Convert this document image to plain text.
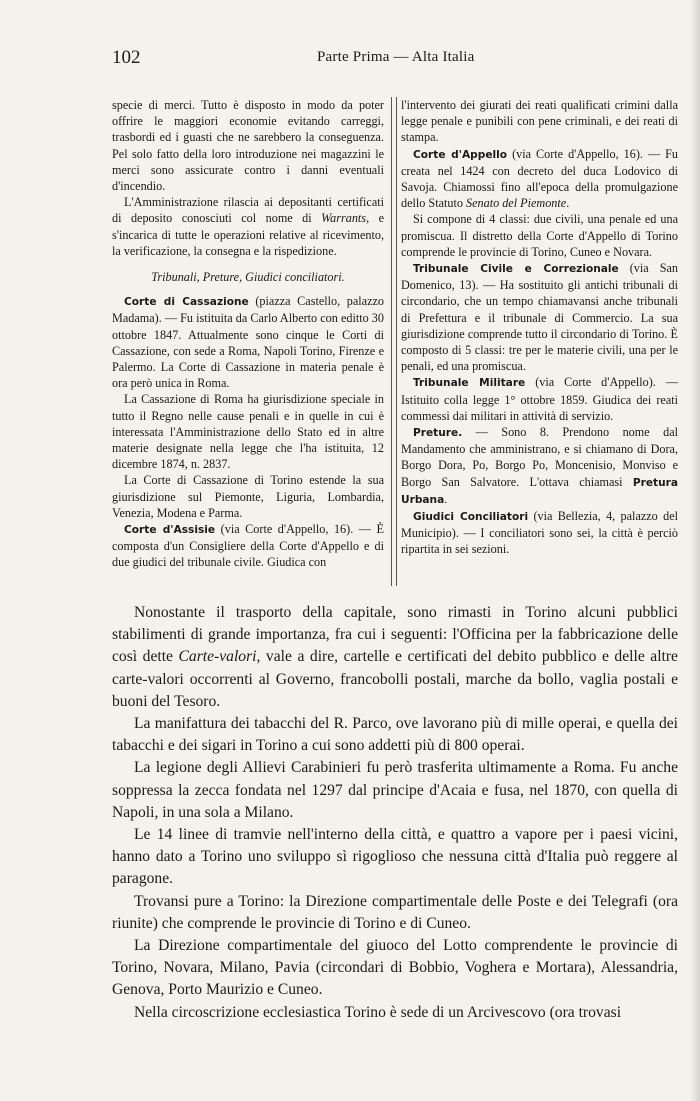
102	Parte Prima — Alta Italia

specie di merci. Tutto è disposto in modo da poter offrire le maggiori economie evitando carreggi, trasbordi ed i guasti che ne sarebbero la conseguenza. Pel solo fatto della loro introduzione nei magazzini le merci sono assicurate contro i danni eventuali d'incendio.

L'Amministrazione rilascia ai depositanti certificati di deposito conosciuti col nome di Warrants, e s'incarica di tutte le operazioni relative al ricevimento, la verificazione, la consegna e la rispedizione.

Tribunali, Preture, Giudici conciliatori.

Corte di Cassazione (piazza Castello, palazzo Madama). — Fu istituita da Carlo Alberto con editto 30 ottobre 1847. Attualmente sono cinque le Corti di Cassazione, con sede a Roma, Napoli Torino, Firenze e Palermo. La Corte di Cassazione in materia penale è ora però unica in Roma.

La Cassazione di Roma ha giurisdizione speciale in tutto il Regno nelle cause penali e in quelle in cui è interessata l'Amministrazione dello Stato ed in altre materie designate nella legge che l'ha istituita, 12 dicembre 1874, n. 2837.

La Corte di Cassazione di Torino estende la sua giurisdizione sul Piemonte, Liguria, Lombardia, Venezia, Modena e Parma.

Corte d'Assisie (via Corte d'Appello, 16). — È composta d'un Consigliere della Corte d'Appello e di due giudici del tribunale civile. Giudica con

l'intervento dei giurati dei reati qualificati crimini dalla legge penale e punibili con pene criminali, e dei reati di stampa.

Corte d'Appello (via Corte d'Appello, 16). — Fu creata nel 1424 con decreto del duca Lodovico di Savoja. Chiamossi fino all'epoca della promulgazione dello Statuto Senato del Piemonte.

Si compone di 4 classi: due civili, una penale ed una promiscua. Il distretto della Corte d'Appello di Torino comprende le provincie di Torino, Cuneo e Novara.

Tribunale Civile e Correzionale (via San Domenico, 13). — Ha sostituito gli antichi tribunali di circondario, che un tempo chiamavansi anche tribunali di Prefettura e il tribunale di Commercio. La sua giurisdizione comprende tutto il circondario di Torino. È composto di 5 classi: tre per le materie civili, una per le penali, ed una promiscua.

Tribunale Militare (via Corte d'Appello). — Istituito colla legge 1° ottobre 1859. Giudica dei reati commessi dai militari in attività di servizio.

Preture. — Sono 8. Prendono nome dal Mandamento che amministrano, e si chiamano di Dora, Borgo Dora, Po, Borgo Po, Moncenisio, Monviso e Borgo San Salvatore. L'ottava chiamasi Pretura Urbana.

Giudici Conciliatori (via Bellezia, 4, palazzo del Municipio). — I conciliatori sono sei, la città è perciò ripartita in sei sezioni.

Nonostante il trasporto della capitale, sono rimasti in Torino alcuni pubblici stabilimenti di grande importanza, fra cui i seguenti: l'Officina per la fabbricazione delle così dette Carte-valori, vale a dire, cartelle e certificati del debito pubblico e delle altre carte-valori occorrenti al Governo, francobolli postali, marche da bollo, vaglia postali e buoni del Tesoro.

La manifattura dei tabacchi del R. Parco, ove lavorano più di mille operai, e quella dei tabacchi e dei sigari in Torino a cui sono addetti più di 800 operai.

La legione degli Allievi Carabinieri fu però trasferita ultimamente a Roma. Fu anche soppressa la zecca fondata nel 1297 dal principe d'Acaia e fusa, nel 1870, con quella di Napoli, in una sola a Milano.

Le 14 linee di tramvie nell'interno della città, e quattro a vapore per i paesi vicini, hanno dato a Torino uno sviluppo sì rigoglioso che nessuna città d'Italia può reggere al paragone.

Trovansi pure a Torino: la Direzione compartimentale delle Poste e dei Telegrafi (ora riunite) che comprende le provincie di Torino e di Cuneo.

La Direzione compartimentale del giuoco del Lotto comprendente le provincie di Torino, Novara, Milano, Pavia (circondari di Bobbio, Voghera e Mortara), Alessandria, Genova, Porto Maurizio e Cuneo.

Nella circoscrizione ecclesiastica Torino è sede di un Arcivescovo (ora trovasi
